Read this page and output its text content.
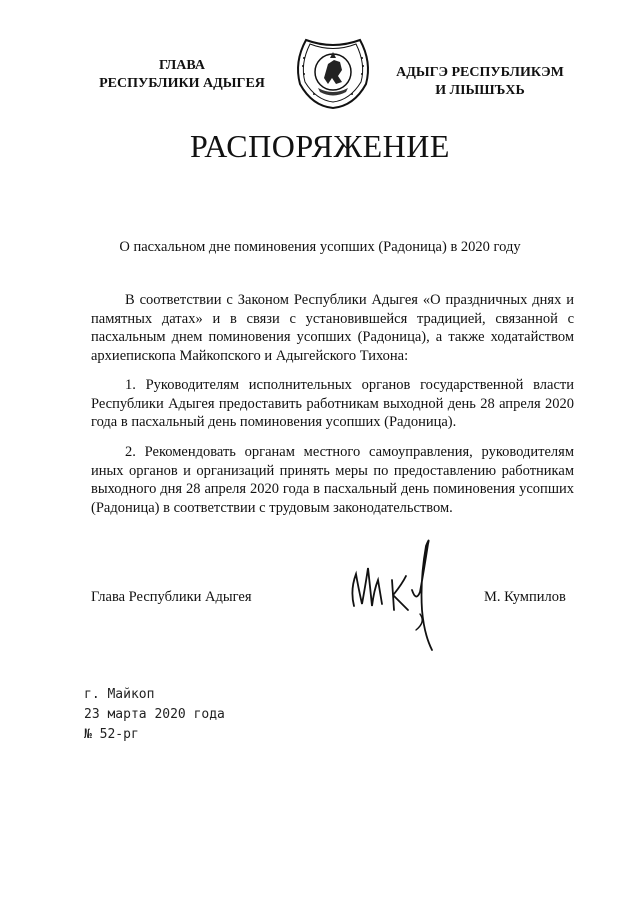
ГЛАВА
РЕСПУБЛИКИ АДЫГЕЯ
АДЫГЭ РЕСПУБЛИКЭМ
И ЛІЫШЪХЬ
РАСПОРЯЖЕНИЕ
О пасхальном дне поминовения усопших (Радоница) в 2020 году
В соответствии с Законом Республики Адыгея «О праздничных днях и памятных датах» и в связи с установившейся традицией, связанной с пасхальным днем поминовения усопших (Радоница), а также ходатайством архиепископа Майкопского и Адыгейского Тихона:
1. Руководителям исполнительных органов государственной власти Республики Адыгея предоставить работникам выходной день 28 апреля 2020 года в пасхальный день поминовения усопших (Радоница).
2. Рекомендовать органам местного самоуправления, руководителям иных органов и организаций принять меры по предоставлению работникам выходного дня 28 апреля 2020 года в пасхальный день поминовения усопших (Радоница) в соответствии с трудовым законодательством.
Глава Республики Адыгея	М. Кумпилов
г. Майкоп
23 марта 2020 года
№ 52-рг
